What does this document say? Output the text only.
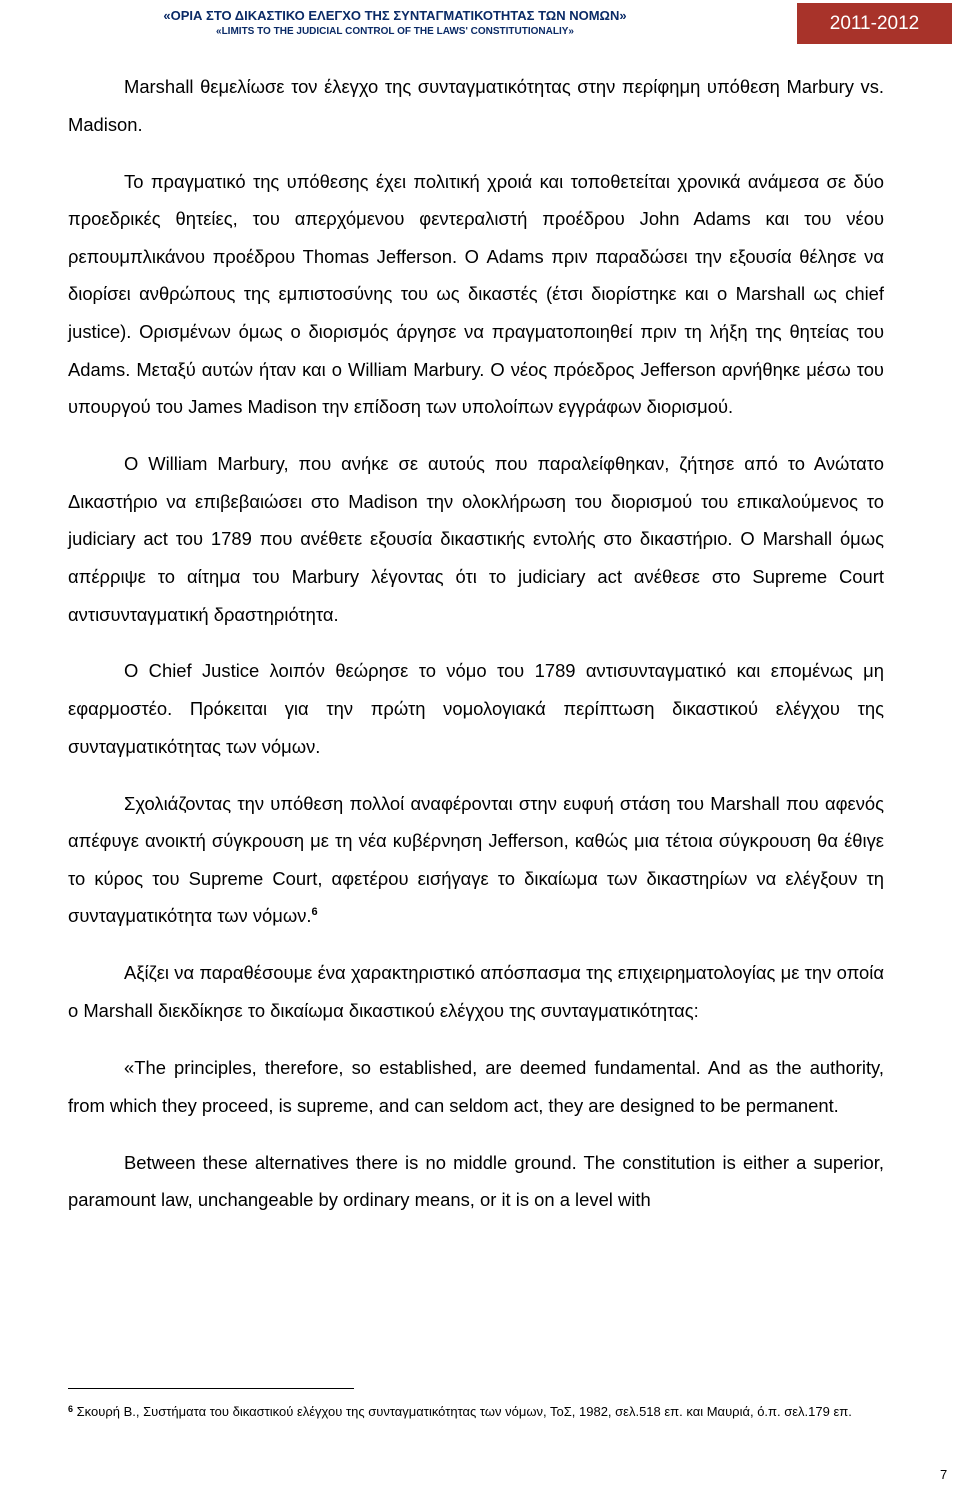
«ΟΡΙΑ ΣΤΟ ΔΙΚΑΣΤΙΚΟ ΕΛΕΓΧΟ ΤΗΣ ΣΥΝΤΑΓΜΑΤΙΚΟΤΗΤΑΣ ΤΩΝ ΝΟΜΩΝ»
«LIMITS TO THE JUDICIAL CONTROL OF THE LAWS' CONSTITUTIONALIY»	2011-2012

Marshall θεμελίωσε τον έλεγχο της συνταγματικότητας στην περίφημη υπόθεση Marbury vs. Madison.

Το πραγματικό της υπόθεσης έχει πολιτική χροιά και τοποθετείται χρονικά ανάμεσα σε δύο προεδρικές θητείες, του απερχόμενου φεντεραλιστή προέδρου John Adams και του νέου ρεπουμπλικάνου προέδρου Thomas Jefferson. Ο Adams πριν παραδώσει την εξουσία θέλησε να διορίσει ανθρώπους της εμπιστοσύνης του ως δικαστές (έτσι διορίστηκε και ο Marshall ως chief justice). Ορισμένων όμως ο διορισμός άργησε να πραγματοποιηθεί πριν τη λήξη της θητείας του Adams. Μεταξύ αυτών ήταν και ο William Marbury. Ο νέος πρόεδρος Jefferson αρνήθηκε μέσω του υπουργού του James Madison την επίδοση των υπολοίπων εγγράφων διορισμού.

Ο William Marbury, που ανήκε σε αυτούς που παραλείφθηκαν, ζήτησε από το Ανώτατο Δικαστήριο να επιβεβαιώσει στο Madison την ολοκλήρωση του διορισμού του επικαλούμενος το judiciary act του 1789 που ανέθετε εξουσία δικαστικής εντολής στο δικαστήριο. Ο Marshall όμως απέρριψε το αίτημα του Marbury λέγοντας ότι το judiciary act ανέθεσε στο Supreme Court αντισυνταγματική δραστηριότητα.

Ο Chief Justice λοιπόν θεώρησε το νόμο του 1789 αντισυνταγματικό και επομένως μη εφαρμοστέο. Πρόκειται για την πρώτη νομολογιακά περίπτωση δικαστικού ελέγχου της συνταγματικότητας των νόμων.

Σχολιάζοντας την υπόθεση πολλοί αναφέρονται στην ευφυή στάση του Marshall που αφενός απέφυγε ανοικτή σύγκρουση με τη νέα κυβέρνηση Jefferson, καθώς μια τέτοια σύγκρουση θα έθιγε το κύρος του Supreme Court, αφετέρου εισήγαγε το δικαίωμα των δικαστηρίων να ελέγξουν τη συνταγματικότητα των νόμων.$^6$

Αξίζει να παραθέσουμε ένα χαρακτηριστικό απόσπασμα της επιχειρηματολογίας με την οποία ο Marshall διεκδίκησε το δικαίωμα δικαστικού ελέγχου της συνταγματικότητας:

«The principles, therefore, so established, are deemed fundamental. And as the authority, from which they proceed, is supreme, and can seldom act, they are designed to be permanent.

Between these alternatives there is no middle ground. The constitution is either a superior, paramount law, unchangeable by ordinary means, or it is on a level with

$^6$ Σκουρή Β., Συστήματα του δικαστικού ελέγχου της συνταγματικότητας των νόμων, ΤοΣ, 1982, σελ.518 επ. και Μαυριά, ό.π. σελ.179 επ.
7
